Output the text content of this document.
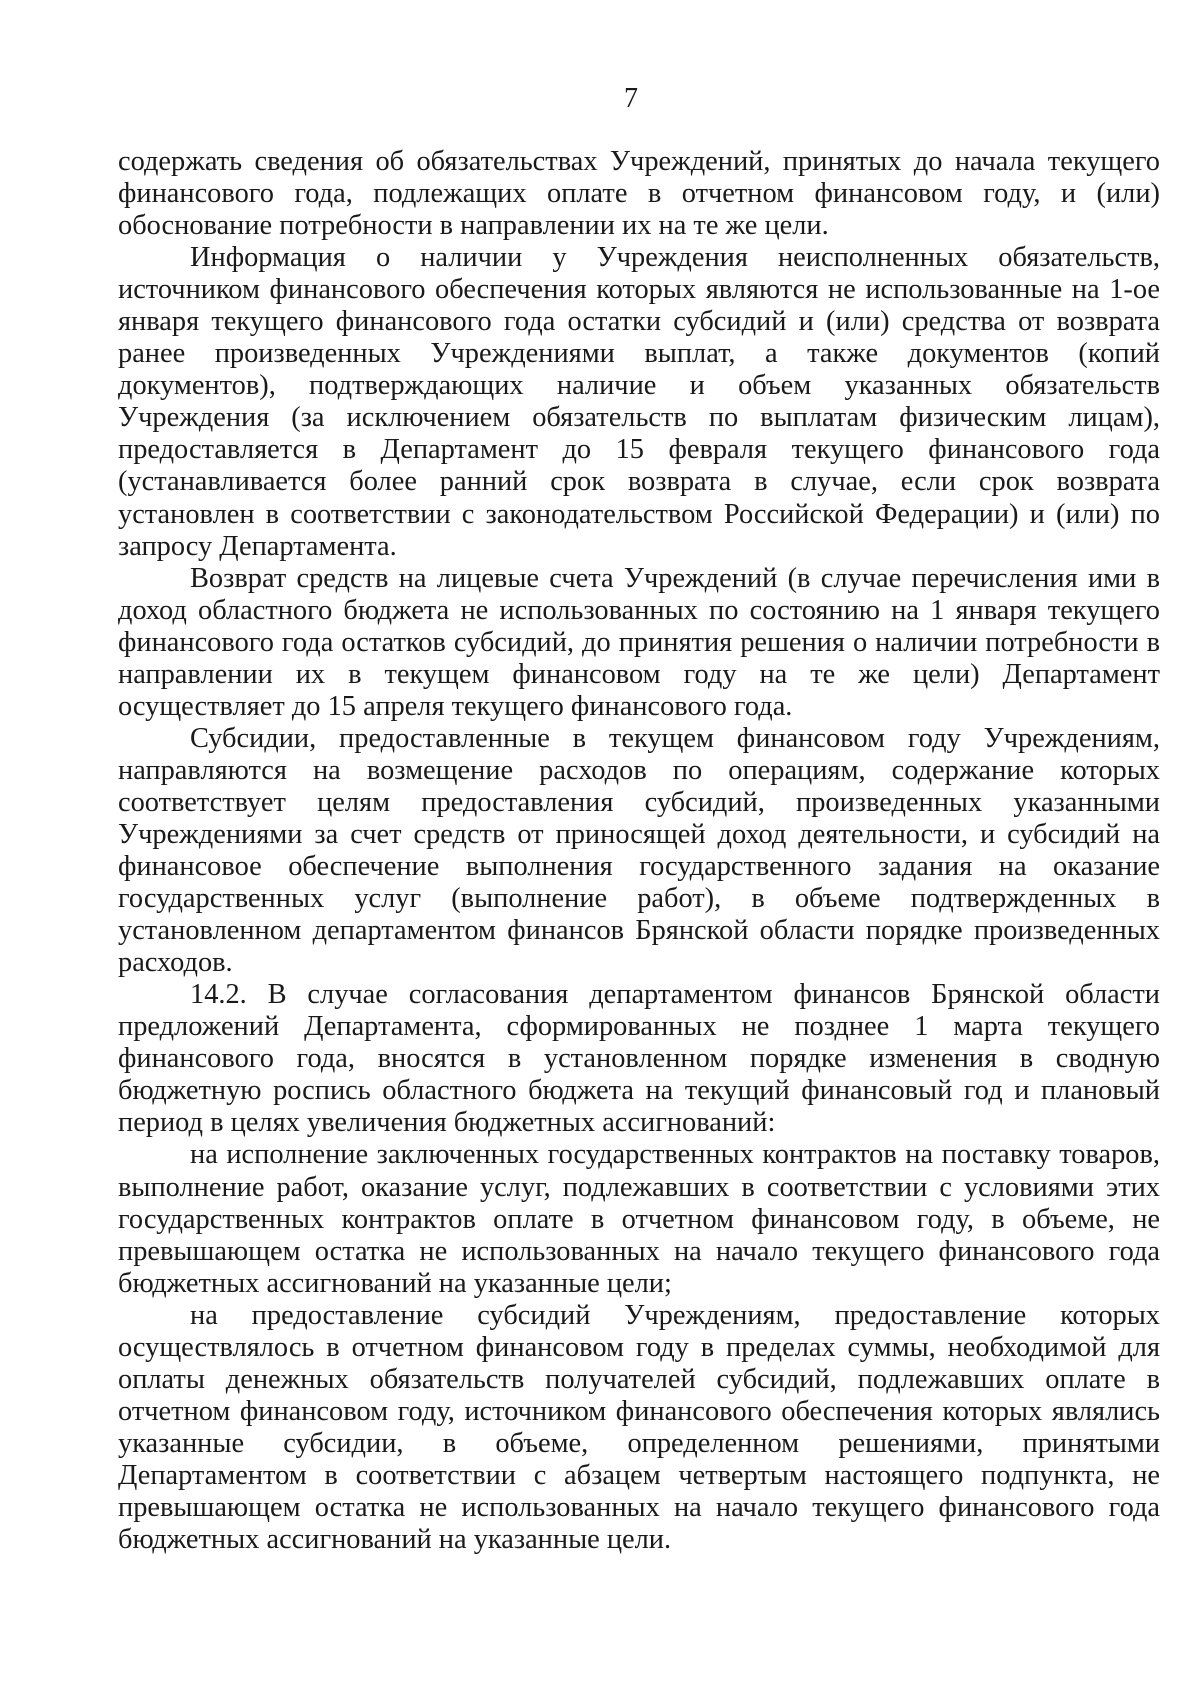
7

содержать сведения об обязательствах Учреждений, принятых до начала текущего финансового года, подлежащих оплате в отчетном финансовом году, и (или) обоснование потребности в направлении их на те же цели.

Информация о наличии у Учреждения неисполненных обязательств, источником финансового обеспечения которых являются не использованные на 1-ое января текущего финансового года остатки субсидий и (или) средства от возврата ранее произведенных Учреждениями выплат, а также документов (копий документов), подтверждающих наличие и объем указанных обязательств Учреждения (за исключением обязательств по выплатам физическим лицам), предоставляется в Департамент до 15 февраля текущего финансового года (устанавливается более ранний срок возврата в случае, если срок возврата установлен в соответствии с законодательством Российской Федерации) и (или) по запросу Департамента.

Возврат средств на лицевые счета Учреждений (в случае перечисления ими в доход областного бюджета не использованных по состоянию на 1 января текущего финансового года остатков субсидий, до принятия решения о наличии потребности в направлении их в текущем финансовом году на те же цели) Департамент осуществляет до 15 апреля текущего финансового года.

Субсидии, предоставленные в текущем финансовом году Учреждениям, направляются на возмещение расходов по операциям, содержание которых соответствует целям предоставления субсидий, произведенных указанными Учреждениями за счет средств от приносящей доход деятельности, и субсидий на финансовое обеспечение выполнения государственного задания на оказание государственных услуг (выполнение работ), в объеме подтвержденных в установленном департаментом финансов Брянской области порядке произведенных расходов.

14.2. В случае согласования департаментом финансов Брянской области предложений Департамента, сформированных не позднее 1 марта текущего финансового года, вносятся в установленном порядке изменения в сводную бюджетную роспись областного бюджета на текущий финансовый год и плановый период в целях увеличения бюджетных ассигнований:

на исполнение заключенных государственных контрактов на поставку товаров, выполнение работ, оказание услуг, подлежавших в соответствии с условиями этих государственных контрактов оплате в отчетном финансовом году, в объеме, не превышающем остатка не использованных на начало текущего финансового года бюджетных ассигнований на указанные цели;

на предоставление субсидий Учреждениям, предоставление которых осуществлялось в отчетном финансовом году в пределах суммы, необходимой для оплаты денежных обязательств получателей субсидий, подлежавших оплате в отчетном финансовом году, источником финансового обеспечения которых являлись указанные субсидии, в объеме, определенном решениями, принятыми Департаментом в соответствии с абзацем четвертым настоящего подпункта, не превышающем остатка не использованных на начало текущего финансового года бюджетных ассигнований на указанные цели.
